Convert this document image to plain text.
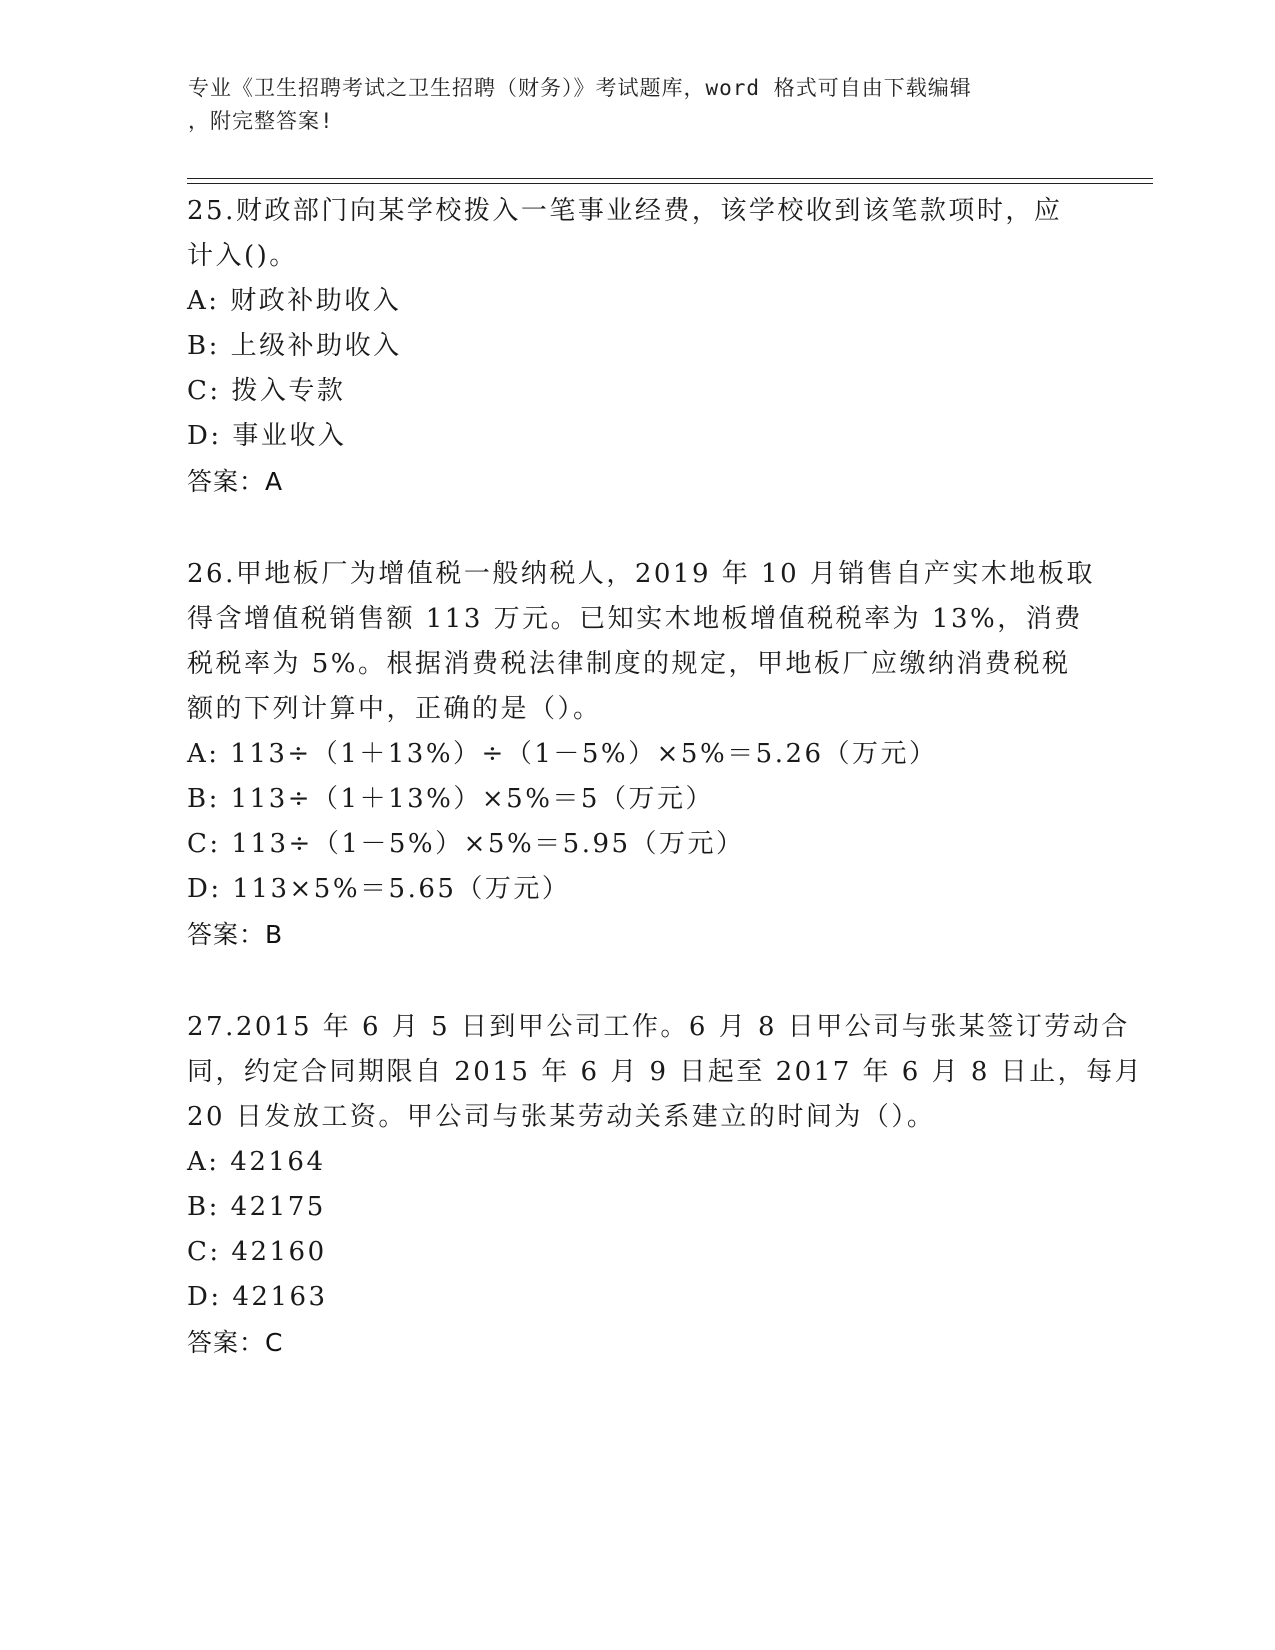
专业《卫生招聘考试之卫生招聘（财务）》考试题库，word 格式可自由下载编辑
，附完整答案!
25.财政部门向某学校拨入一笔事业经费，该学校收到该笔款项时，应
计入()。
A: 财政补助收入
B: 上级补助收入
C: 拨入专款
D: 事业收入
答案：A
26.甲地板厂为增值税一般纳税人，2019 年 10 月销售自产实木地板取
得含增值税销售额 113 万元。已知实木地板增值税税率为 13%，消费
税税率为 5%。根据消费税法律制度的规定，甲地板厂应缴纳消费税税
额的下列计算中，正确的是（）。
A: 113÷（1＋13%）÷（1－5%）×5%＝5.26（万元）
B: 113÷（1＋13%）×5%＝5（万元）
C: 113÷（1－5%）×5%＝5.95（万元）
D: 113×5%＝5.65（万元）
答案：B
27.2015 年 6 月 5 日到甲公司工作。6 月 8 日甲公司与张某签订劳动合
同，约定合同期限自 2015 年 6 月 9 日起至 2017 年 6 月 8 日止，每月
20 日发放工资。甲公司与张某劳动关系建立的时间为（）。
A: 42164
B: 42175
C: 42160
D: 42163
答案：C
